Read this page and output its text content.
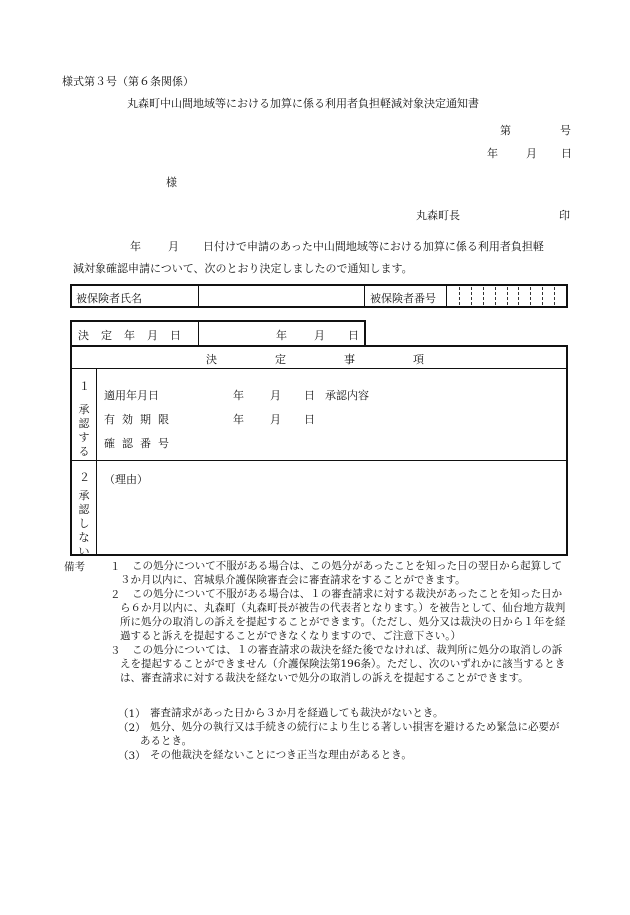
様式第３号（第６条関係）
丸森町中山間地域等における加算に係る利用者負担軽減対象決定通知書
第	号
年	月 日
様
丸森町長	印
年 月 日付けで申請のあった中山間地域等における加算に係る利用者負担軽
減対象確認申請について、次のとおり決定しましたので通知します。
被保険者氏名	被保険者番号
決定年月日	年 月 日
決定事項
１
承認する
適用年月日	年 月 日 承認内容
有効期限	年 月 日
確認番号
２
承認しない
（理由）
備考 １	この処分について不服がある場合は、この処分があったことを知った日の翌日から起算して３か月以内に、宮城県介護保険審査会に審査請求をすることができます。
２	この処分について不服がある場合は、１の審査請求に対する裁決があったことを知った日から６か月以内に、丸森町（丸森町長が被告の代表者となります。）を被告として、仙台地方裁判所に処分の取消しの訴えを提起することができます。（ただし、処分又は裁決の日から１年を経過すると訴えを提起することができなくなりますので、ご注意下さい。）
３	この処分については、１の審査請求の裁決を経た後でなければ、裁判所に処分の取消しの訴えを提起することができません（介護保険法第196条）。ただし、次のいずれかに該当するときは、審査請求に対する裁決を経ないで処分の取消しの訴えを提起することができます。
（1） 審査請求があった日から３か月を経過しても裁決がないとき。
（2） 処分、処分の執行又は手続きの続行により生じる著しい損害を避けるため緊急に必要があるとき。
（3） その他裁決を経ないことにつき正当な理由があるとき。
